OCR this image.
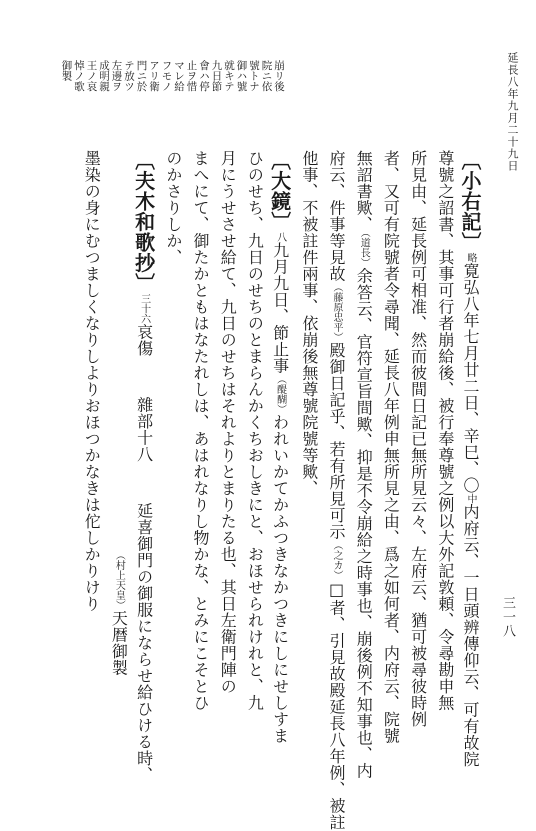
延長八年九月二十九日
三一八
崩リ後
院ニ依
號トナ
御ハ號
就キテ
九日節
會ハ停
止ヲ惜
マレ給
フモノ
アリ衛
門ニ於
テ放ツ
左邊ヲ
成明親
王ノ哀
悼ノ歌
御製
〔小右記〕略寛弘八年七月廿二日、辛巳、〇中内府云、一日頭辨傳仰云、可有故院
尊號之詔書、其事可行者崩給後、被行奉尊號之例以大外記敦頼、令尋勘申無
所見由、延長例可相准、然而彼間日記已無所見云々、左府云、猶可被尋彼時例
者、又可有院號者令尋聞、延長八年例申無所見之由、爲之如何者、内府云、院號
無詔書歟、（道長）余答云、官符宣旨間歟、抑是不令崩給之時事也、崩後例不知事也、内
府云、件事等見故（藤原忠平）殿御日記乎、若有所見可示（之カ）□者、引見故殿延長八年例、被註
他事、不被註件兩事、依崩後無尊號院號等歟、
〔大鏡〕八九月九日、節止事（醍醐）われいかてかふつきなかつきにしにせしすま
ひのせち、九日のせちのとまらんかくちおしきにと、おほせられけれと、九
月にうせさせ給て、九日のせちはそれよりとまりたる也、其日左衛門陣の
まへにて、御たかともはなたれしは、あはれなりし物かな、とみにこそとひ
のかさりしか、
〔夫木和歌抄〕三十六哀傷雜部十八延喜御門の御服にならせ給ひける時、
（村上天皇）天暦御製
墨染の身にむつましくなりしよりおほつかなきは佗しかりけり
